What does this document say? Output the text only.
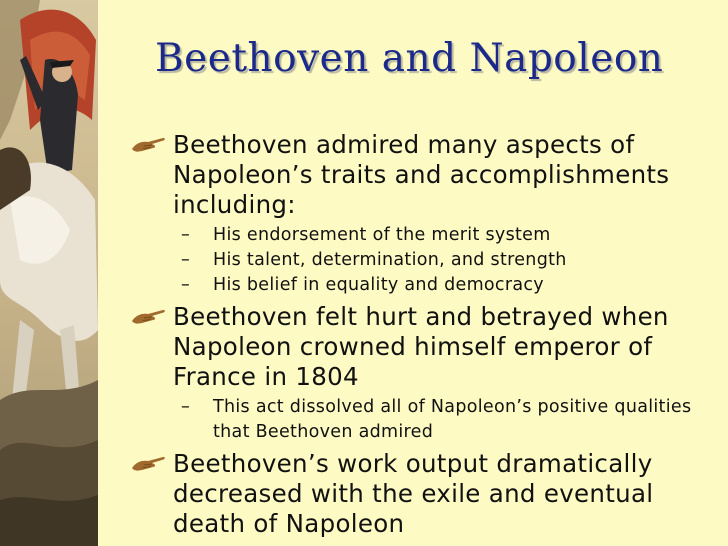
Beethoven and Napoleon
Beethoven admired many aspects of Napoleon’s traits and accomplishments including:
– His endorsement of the merit system
– His talent, determination, and strength
– His belief in equality and democracy
Beethoven felt hurt and betrayed when Napoleon crowned himself emperor of France in 1804
– This act dissolved all of Napoleon’s positive qualities that Beethoven admired
Beethoven’s work output dramatically decreased with the exile and eventual death of Napoleon
